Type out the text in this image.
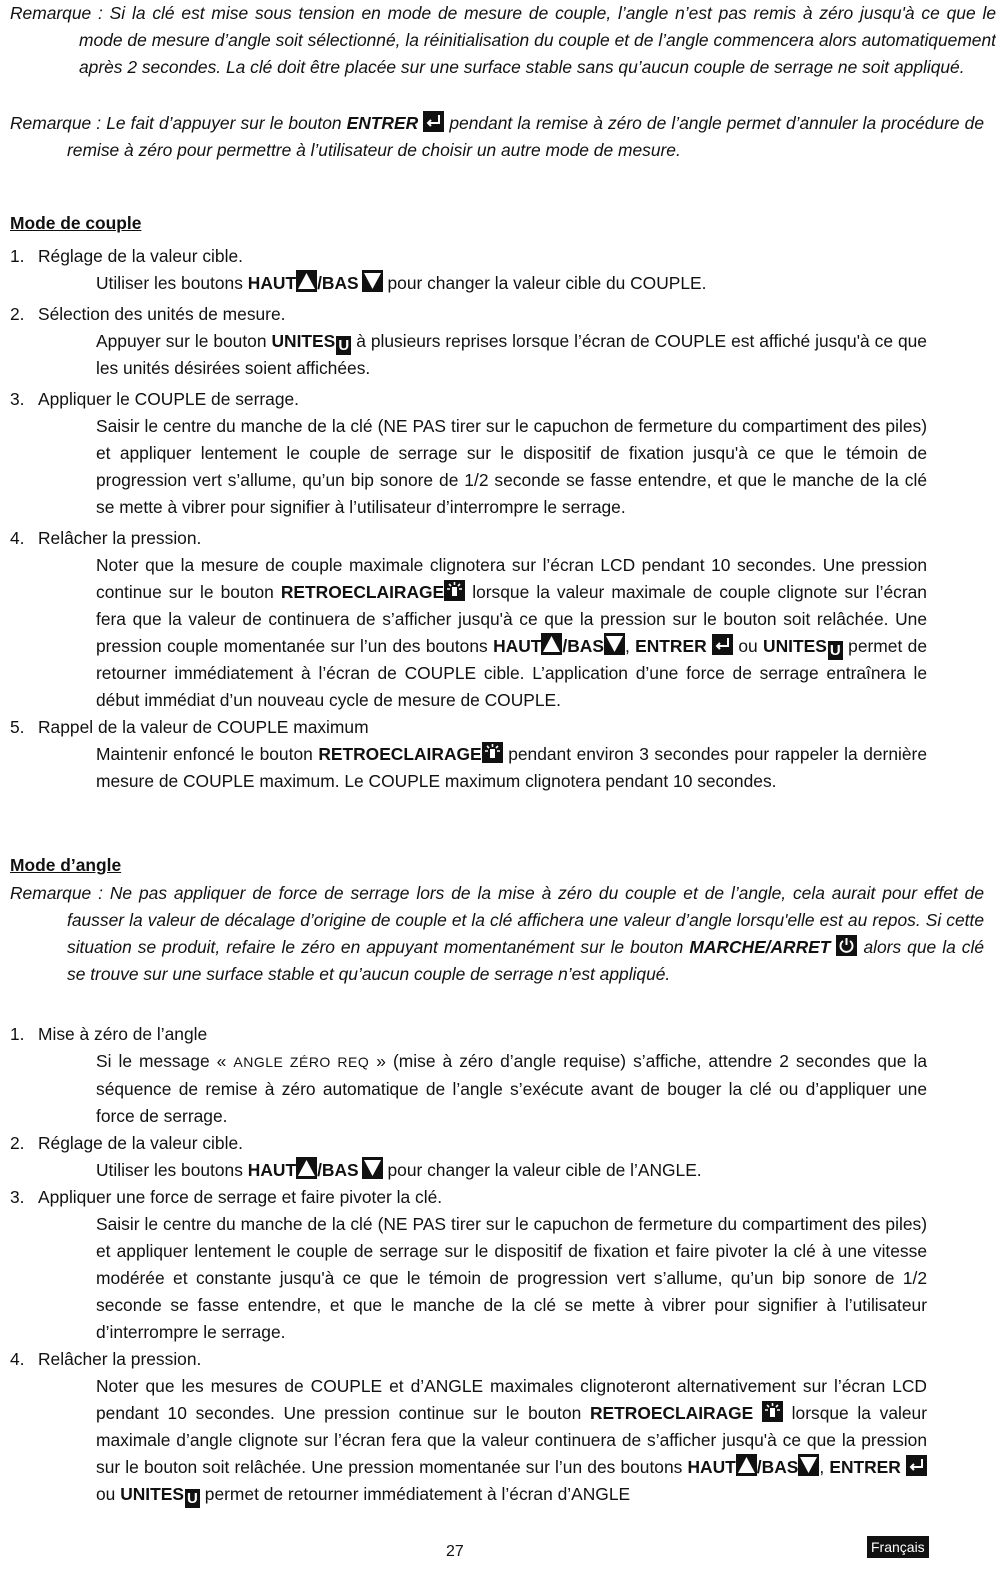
Remarque : Si la clé est mise sous tension en mode de mesure de couple, l’angle n’est pas remis à zéro jusqu'à ce que le mode de mesure d’angle soit sélectionné, la réinitialisation du couple et de l’angle commencera alors automatiquement après 2 secondes. La clé doit être placée sur une surface stable sans qu’aucun couple de serrage ne soit appliqué.
Remarque : Le fait d’appuyer sur le bouton ENTRER
pendant la remise à zéro de l’angle permet d’annuler la procédure de remise à zéro pour permettre à l’utilisateur de choisir un autre mode de mesure.
Mode de couple
1. Réglage de la valeur cible.
Utiliser les boutons HAUT /BAS
pour changer la valeur cible du COUPLE.
2. Sélection des unités de mesure.
Appuyer sur le bouton UNITES U à plusieurs reprises lorsque l’écran de COUPLE est affiché jusqu'à ce que les unités désirées soient affichées.
3. Appliquer le COUPLE de serrage.
Saisir le centre du manche de la clé (NE PAS tirer sur le capuchon de fermeture du compartiment des piles) et appliquer lentement le couple de serrage sur le dispositif de fixation jusqu'à ce que le témoin de progression vert s’allume, qu’un bip sonore de 1/2 seconde se fasse entendre, et que le manche de la clé se mette à vibrer pour signifier à l’utilisateur d’interrompre le serrage.
4. Relâcher la pression.
Noter que la mesure de couple maximale clignotera sur l’écran LCD pendant 10 secondes. Une pression continue sur le bouton RETROECLAIRAGE
lorsque la valeur maximale de couple clignote sur l’écran fera que la valeur de continuera de s’afficher jusqu'à ce que la pression sur le bouton soit relâchée. Une pression couple momentanée sur l’un des boutons HAUT /BAS , ENTRER
ou UNITES U permet de retourner immédiatement à l’écran de COUPLE cible. L’application d’une force de serrage entraînera le début immédiat d’un nouveau cycle de mesure de COUPLE.
5. Rappel de la valeur de COUPLE maximum
Maintenir enfoncé le bouton RETROECLAIRAGE
pendant environ 3 secondes pour rappeler la dernière mesure de COUPLE maximum. Le COUPLE maximum clignotera pendant 10 secondes.
Mode d’angle
Remarque : Ne pas appliquer de force de serrage lors de la mise à zéro du couple et de l’angle, cela aurait pour effet de fausser la valeur de décalage d’origine de couple et la clé affichera une valeur d’angle lorsqu'elle est au repos. Si cette situation se produit, refaire le zéro en appuyant momentanément sur le bouton MARCHE/ARRET
alors que la clé se trouve sur une surface stable et qu’aucun couple de serrage n’est appliqué.
1. Mise à zéro de l’angle
Si le message « ANGLE ZÉRO REQ » (mise à zéro d’angle requise) s’affiche, attendre 2 secondes que la séquence de remise à zéro automatique de l’angle s’exécute avant de bouger la clé ou d’appliquer une force de serrage.
2. Réglage de la valeur cible.
Utiliser les boutons HAUT /BAS
pour changer la valeur cible de l’ANGLE.
3. Appliquer une force de serrage et faire pivoter la clé.
Saisir le centre du manche de la clé (NE PAS tirer sur le capuchon de fermeture du compartiment des piles) et appliquer lentement le couple de serrage sur le dispositif de fixation et faire pivoter la clé à une vitesse modérée et constante jusqu'à ce que le témoin de progression vert s’allume, qu’un bip sonore de 1/2 seconde se fasse entendre, et que le manche de la clé se mette à vibrer pour signifier à l’utilisateur d’interrompre le serrage.
4. Relâcher la pression.
Noter que les mesures de COUPLE et d’ANGLE maximales clignoteront alternativement sur l’écran LCD pendant 10 secondes. Une pression continue sur le bouton RETROECLAIRAGE
lorsque la valeur maximale d’angle clignote sur l’écran fera que la valeur continuera de s’afficher jusqu'à ce que la pression sur le bouton soit relâchée. Une pression momentanée sur l’un des boutons HAUT /BAS , ENTRER
ou UNITES U permet de retourner immédiatement à l’écran d’ANGLE
27	Français
